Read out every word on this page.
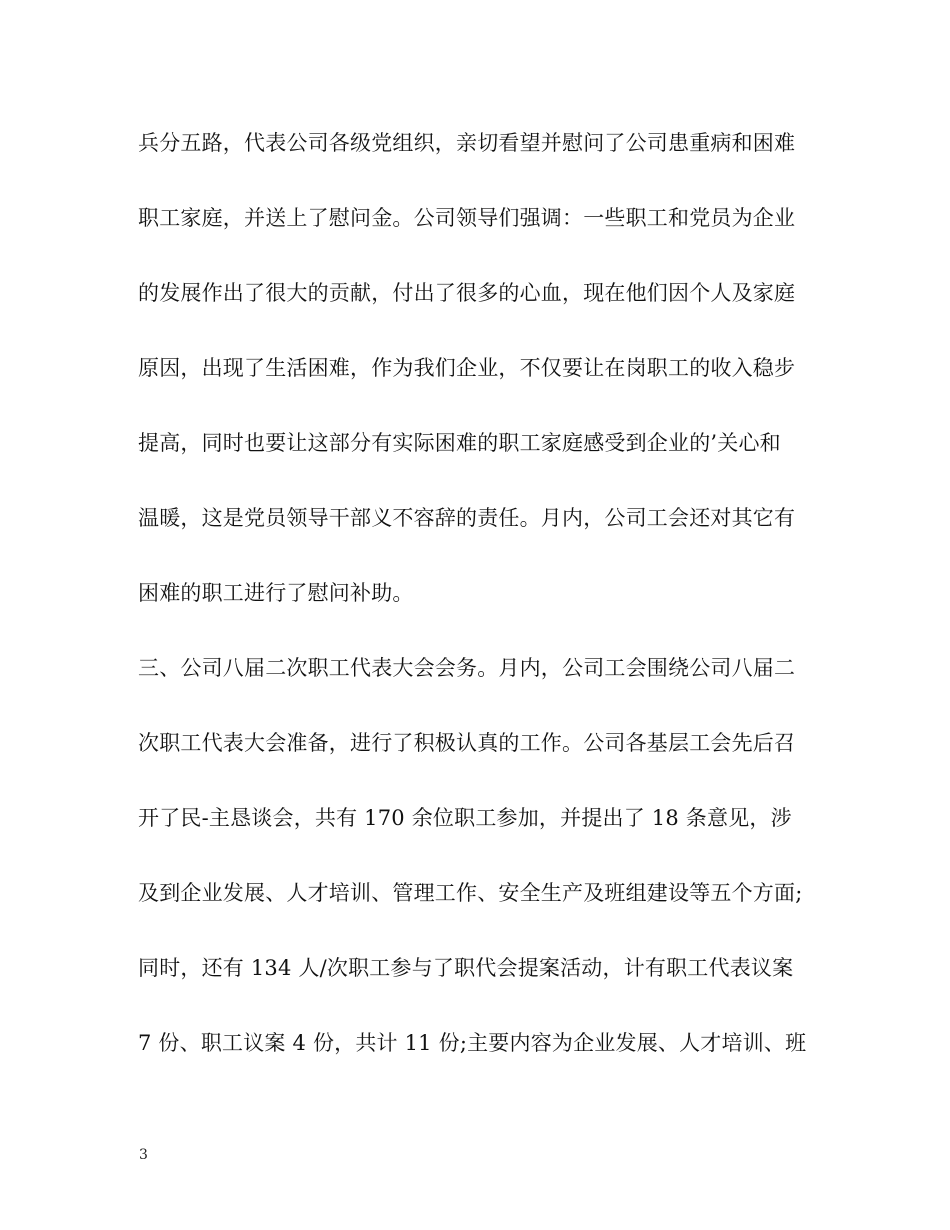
兵分五路，代表公司各级党组织，亲切看望并慰问了公司患重病和困难
职工家庭，并送上了慰问金。公司领导们强调：一些职工和党员为企业
的发展作出了很大的贡献，付出了很多的心血，现在他们因个人及家庭
原因，出现了生活困难，作为我们企业，不仅要让在岗职工的收入稳步
提高，同时也要让这部分有实际困难的职工家庭感受到企业的’关心和
温暖，这是党员领导干部义不容辞的责任。月内，公司工会还对其它有
困难的职工进行了慰问补助。
三、公司八届二次职工代表大会会务。月内，公司工会围绕公司八届二
次职工代表大会准备，进行了积极认真的工作。公司各基层工会先后召
开了民-主恳谈会，共有 170 余位职工参加，并提出了 18 条意见，涉
及到企业发展、人才培训、管理工作、安全生产及班组建设等五个方面;
同时，还有 134 人/次职工参与了职代会提案活动，计有职工代表议案
7 份、职工议案 4 份，共计 11 份;主要内容为企业发展、人才培训、班
3
